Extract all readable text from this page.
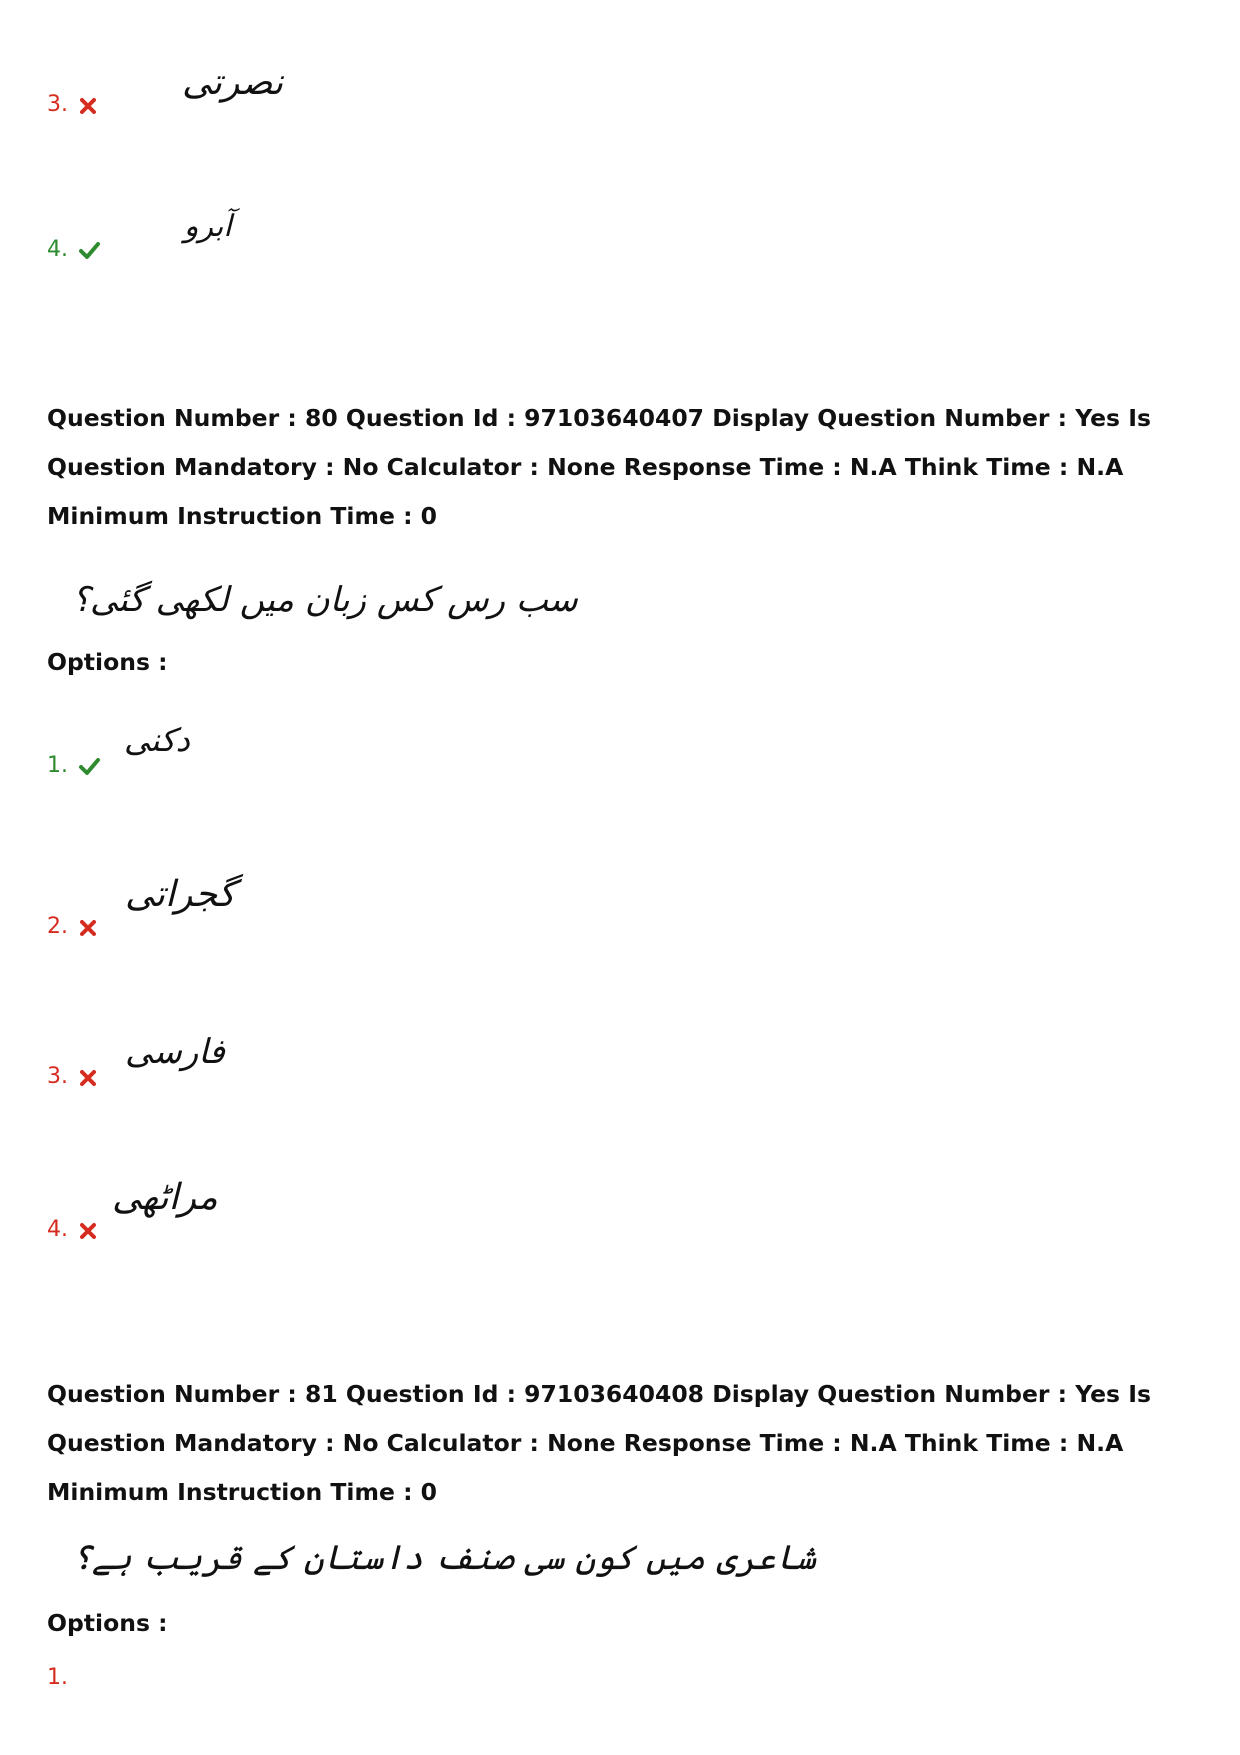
3.
نصرتی
4.
آبرو
Question Number : 80 Question Id : 97103640407 Display Question Number : Yes Is Question Mandatory : No Calculator : None Response Time : N.A Think Time : N.A Minimum Instruction Time : 0
سب رس کس زبان میں لکھی گئی؟
Options :
1.
دکنی
2.
گجراتی
3.
فارسی
4.
مراٹھی
Question Number : 81 Question Id : 97103640408 Display Question Number : Yes Is Question Mandatory : No Calculator : None Response Time : N.A Think Time : N.A Minimum Instruction Time : 0
شاعری میں کون سی صنف داستان کے قریب ہے؟
Options :
1.
